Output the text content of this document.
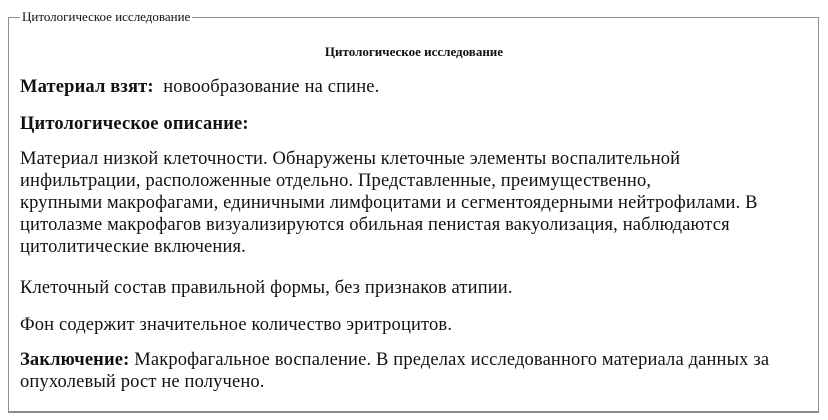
Цитологическое исследование
Цитологическое исследование
Материал взят: новообразование на спине.
Цитологическое описание:
Материал низкой клеточности. Обнаружены клеточные элементы воспалительной
инфильтрации, расположенные отдельно. Представленные, преимущественно,
крупными макрофагами, единичными лимфоцитами и сегментоядерными нейтрофилами. В
цитолазме макрофагов визуализируются обильная пенистая вакуолизация, наблюдаются
цитолитические включения.
Клеточный состав правильной формы, без признаков атипии.
Фон содержит значительное количество эритроцитов.
Заключение: Макрофагальное воспаление. В пределах исследованного материала данных за
опухолевый рост не получено.
